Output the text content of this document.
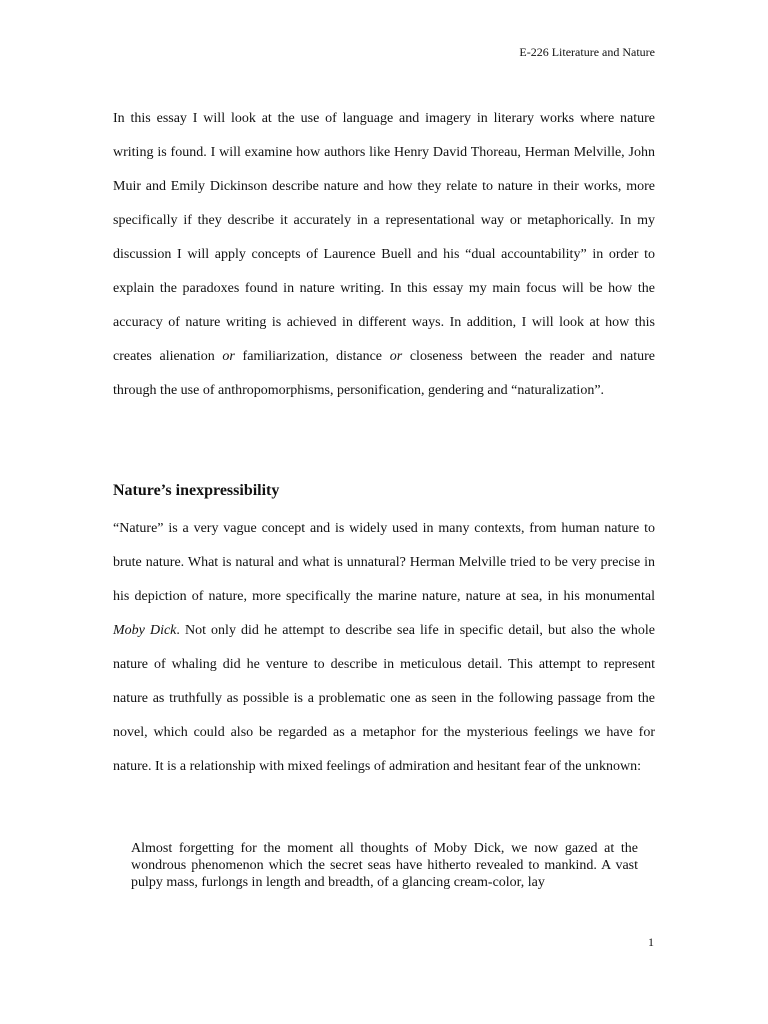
E-226 Literature and Nature

In this essay I will look at the use of language and imagery in literary works where nature writing is found. I will examine how authors like Henry David Thoreau, Herman Melville, John Muir and Emily Dickinson describe nature and how they relate to nature in their works, more specifically if they describe it accurately in a representational way or metaphorically. In my discussion I will apply concepts of Laurence Buell and his “dual accountability” in order to explain the paradoxes found in nature writing. In this essay my main focus will be how the accuracy of nature writing is achieved in different ways. In addition, I will look at how this creates alienation or familiarization, distance or closeness between the reader and nature through the use of anthropomorphisms, personification, gendering and “naturalization”.

Nature’s inexpressibility

“Nature” is a very vague concept and is widely used in many contexts, from human nature to brute nature. What is natural and what is unnatural? Herman Melville tried to be very precise in his depiction of nature, more specifically the marine nature, nature at sea, in his monumental Moby Dick. Not only did he attempt to describe sea life in specific detail, but also the whole nature of whaling did he venture to describe in meticulous detail. This attempt to represent nature as truthfully as possible is a problematic one as seen in the following passage from the novel, which could also be regarded as a metaphor for the mysterious feelings we have for nature. It is a relationship with mixed feelings of admiration and hesitant fear of the unknown:

Almost forgetting for the moment all thoughts of Moby Dick, we now gazed at the wondrous phenomenon which the secret seas have hitherto revealed to mankind. A vast pulpy mass, furlongs in length and breadth, of a glancing cream-color, lay

1
